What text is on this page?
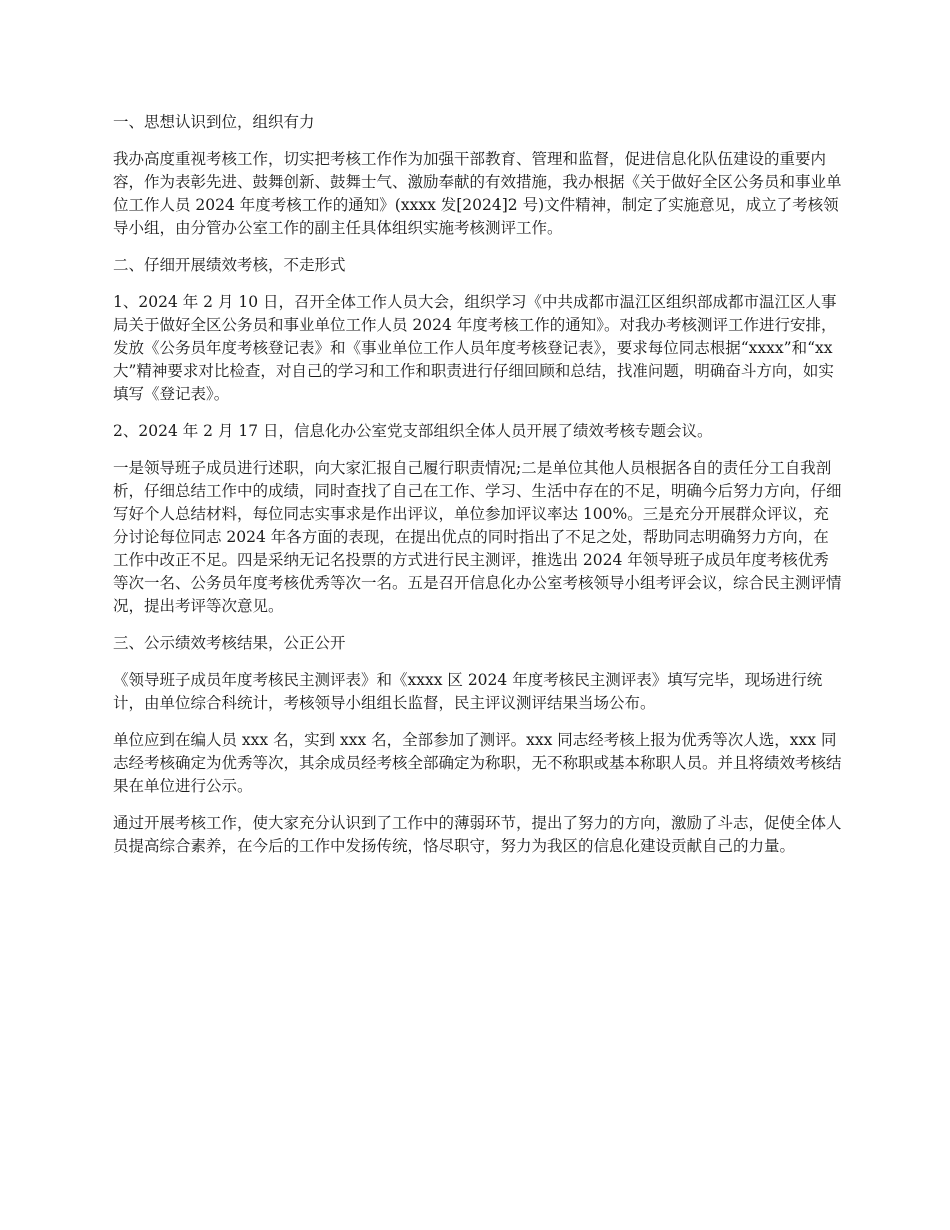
一、思想认识到位，组织有力

我办高度重视考核工作，切实把考核工作作为加强干部教育、管理和监督，促进信息化队伍建设的重要内容，作为表彰先进、鼓舞创新、鼓舞士气、激励奉献的有效措施，我办根据《关于做好全区公务员和事业单位工作人员 2024 年度考核工作的通知》(xxxx 发[2024]2 号)文件精神，制定了实施意见，成立了考核领导小组，由分管办公室工作的副主任具体组织实施考核测评工作。

二、仔细开展绩效考核，不走形式

1、2024 年 2 月 10 日，召开全体工作人员大会，组织学习《中共成都市温江区组织部成都市温江区人事局关于做好全区公务员和事业单位工作人员 2024 年度考核工作的通知》。对我办考核测评工作进行安排，发放《公务员年度考核登记表》和《事业单位工作人员年度考核登记表》，要求每位同志根据“xxxx”和“xx 大”精神要求对比检查，对自己的学习和工作和职责进行仔细回顾和总结，找准问题，明确奋斗方向，如实填写《登记表》。

2、2024 年 2 月 17 日，信息化办公室党支部组织全体人员开展了绩效考核专题会议。

一是领导班子成员进行述职，向大家汇报自己履行职责情况;二是单位其他人员根据各自的责任分工自我剖析，仔细总结工作中的成绩，同时查找了自己在工作、学习、生活中存在的不足，明确今后努力方向，仔细写好个人总结材料，每位同志实事求是作出评议，单位参加评议率达 100%。三是充分开展群众评议，充分讨论每位同志 2024 年各方面的表现，在提出优点的同时指出了不足之处，帮助同志明确努力方向，在工作中改正不足。四是采纳无记名投票的方式进行民主测评，推选出 2024 年领导班子成员年度考核优秀等次一名、公务员年度考核优秀等次一名。五是召开信息化办公室考核领导小组考评会议，综合民主测评情况，提出考评等次意见。

三、公示绩效考核结果，公正公开

《领导班子成员年度考核民主测评表》和《xxxx 区 2024 年度考核民主测评表》填写完毕，现场进行统计，由单位综合科统计，考核领导小组组长监督，民主评议测评结果当场公布。

单位应到在编人员 xxx 名，实到 xxx 名，全部参加了测评。xxx 同志经考核上报为优秀等次人选，xxx 同志经考核确定为优秀等次，其余成员经考核全部确定为称职，无不称职或基本称职人员。并且将绩效考核结果在单位进行公示。

通过开展考核工作，使大家充分认识到了工作中的薄弱环节，提出了努力的方向，激励了斗志，促使全体人员提高综合素养，在今后的工作中发扬传统，恪尽职守，努力为我区的信息化建设贡献自己的力量。
